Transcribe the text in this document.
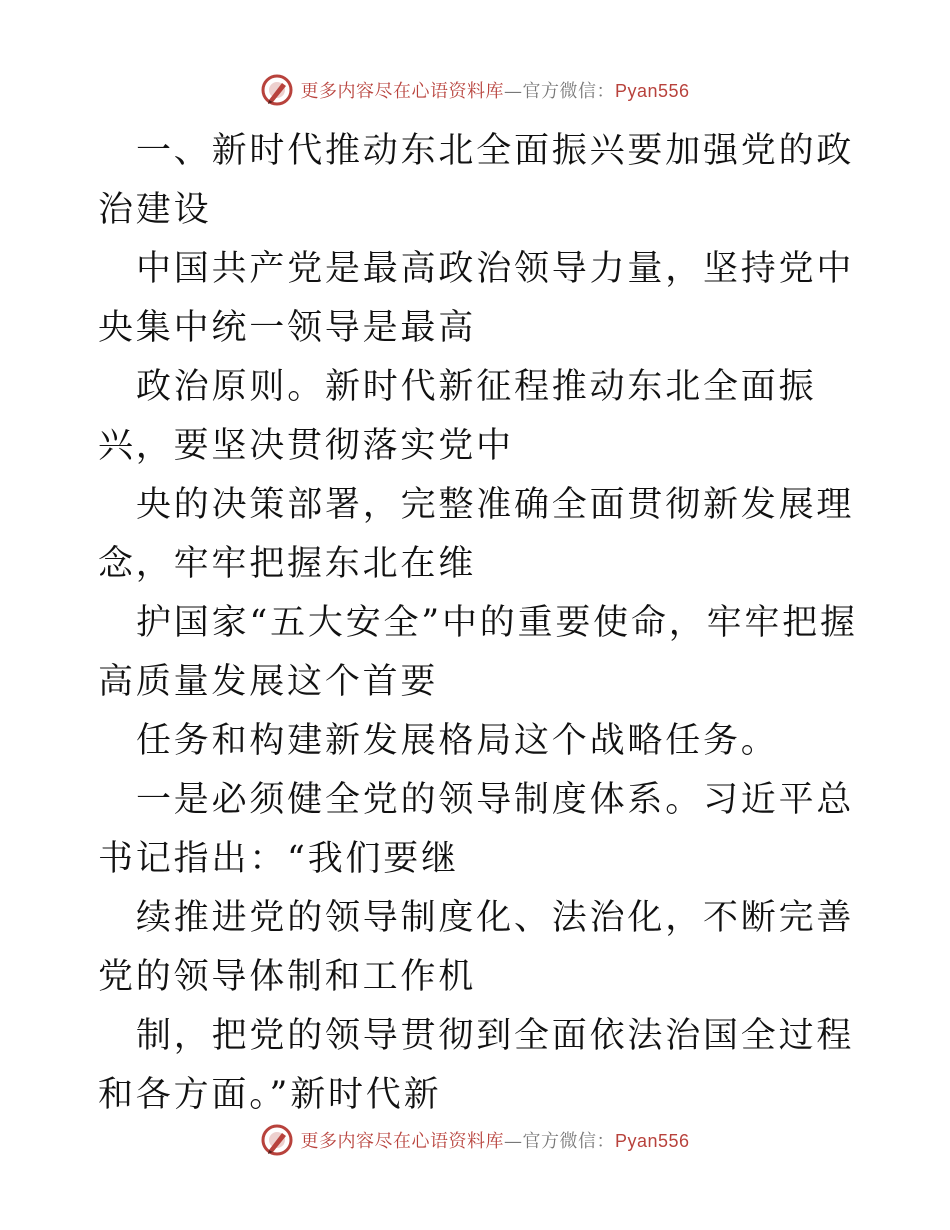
更多内容尽在心语资料库—官方微信：Pyan556

一、新时代推动东北全面振兴要加强党的政治建设

中国共产党是最高政治领导力量，坚持党中央集中统一领导是最高

政治原则。新时代新征程推动东北全面振兴，要坚决贯彻落实党中

央的决策部署，完整准确全面贯彻新发展理念，牢牢把握东北在维

护国家“五大安全”中的重要使命，牢牢把握高质量发展这个首要

任务和构建新发展格局这个战略任务。

一是必须健全党的领导制度体系。习近平总书记指出：“我们要继

续推进党的领导制度化、法治化，不断完善党的领导体制和工作机

制，把党的领导贯彻到全面依法治国全过程和各方面。”新时代新

更多内容尽在心语资料库—官方微信：Pyan556
